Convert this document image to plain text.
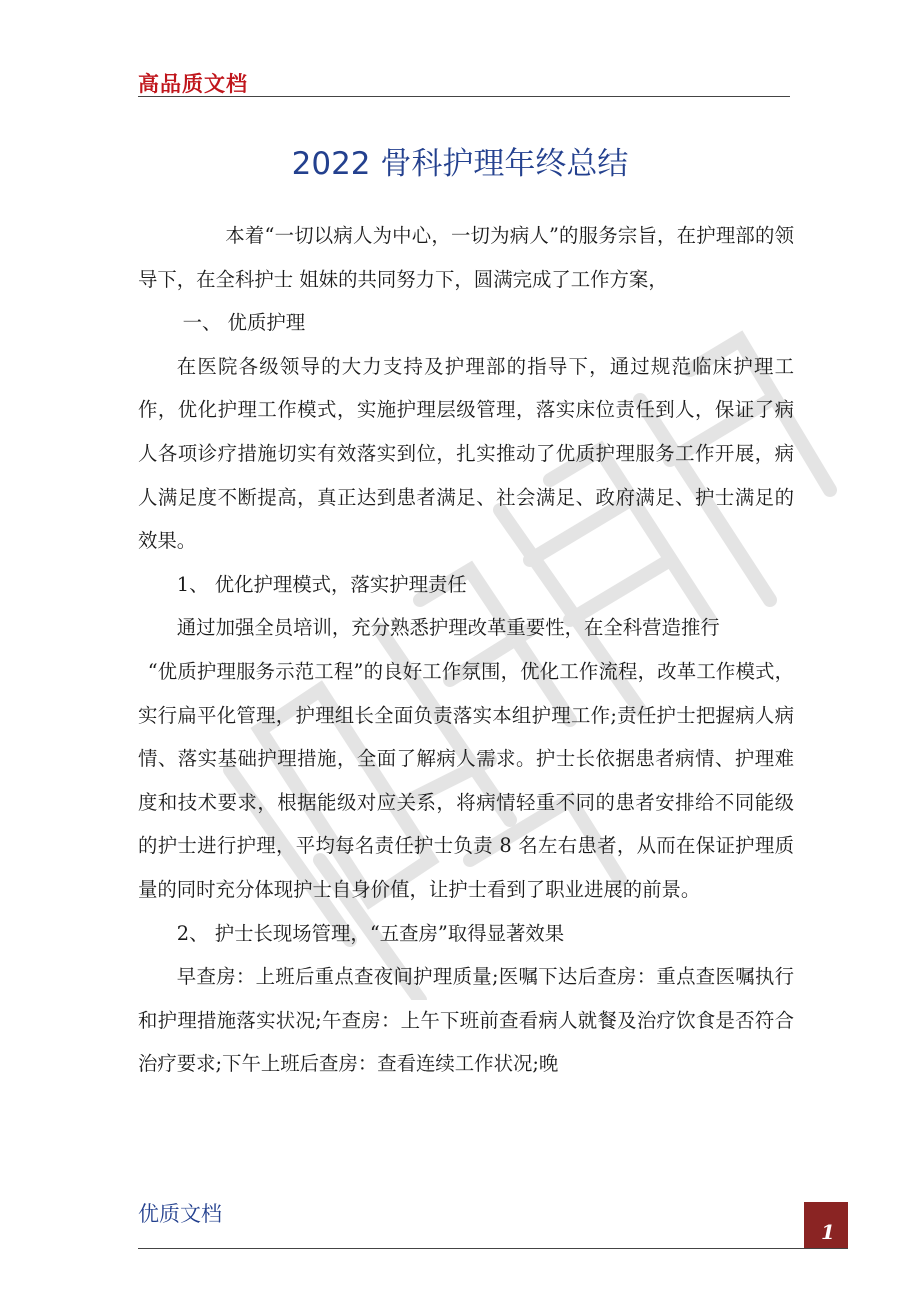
高品质文档
2022 骨科护理年终总结

本着“一切以病人为中心，一切为病人”的服务宗旨，在护理部的领导下，在全科护士 姐妹的共同努力下，圆满完成了工作方案，

一、 优质护理

在医院各级领导的大力支持及护理部的指导下，通过规范临床护理工作，优化护理工作模式，实施护理层级管理，落实床位责任到人，保证了病人各项诊疗措施切实有效落实到位，扎实推动了优质护理服务工作开展，病人满足度不断提高，真正达到患者满足、社会满足、政府满足、护士满足的效果。

1、 优化护理模式，落实护理责任

通过加强全员培训，充分熟悉护理改革重要性，在全科营造推行

“优质护理服务示范工程”的良好工作氛围，优化工作流程，改革工作模式，实行扁平化管理，护理组长全面负责落实本组护理工作;责任护士把握病人病情、落实基础护理措施，全面了解病人需求。护士长依据患者病情、护理难度和技术要求，根据能级对应关系，将病情轻重不同的患者安排给不同能级的护士进行护理，平均每名责任护士负责 8 名左右患者，从而在保证护理质量的同时充分体现护士自身价值，让护士看到了职业进展的前景。

2、 护士长现场管理，“五查房”取得显著效果

早查房：上班后重点查夜间护理质量;医嘱下达后查房：重点查医嘱执行和护理措施落实状况;午查房：上午下班前查看病人就餐及治疗饮食是否符合治疗要求;下午上班后查房：查看连续工作状况;晚

优质文档
1
